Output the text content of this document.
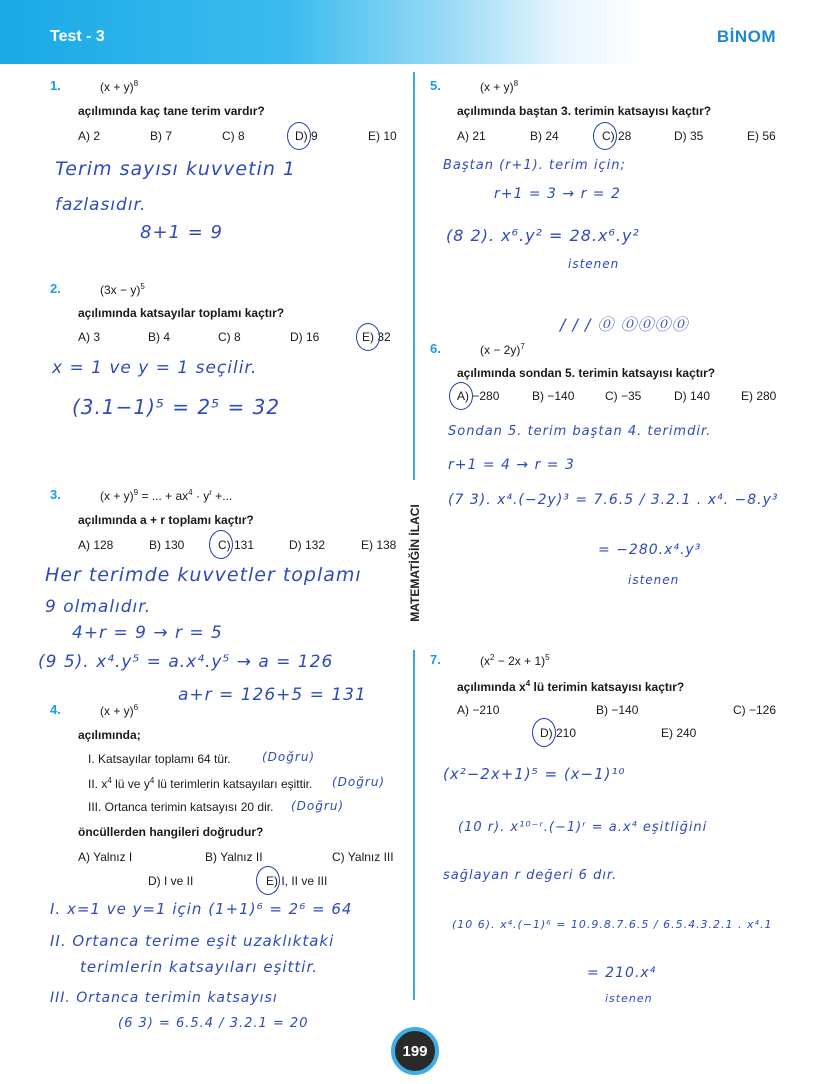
Test - 3	BİNOM
MATEMATİĞİN İLACI
1.	$(x + y)^8$
açılımında kaç tane terim vardır?
A) 2	B) 7	C) 8	D) 9	E) 10
Terim sayısı kuvvetin 1
fazlasıdır.
8+1 = 9
2.	$(3x - y)^5$
açılımında katsayılar toplamı kaçtır?
A) 3	B) 4	C) 8	D) 16	E) 32
x = 1 ve y = 1 seçilir.
(3.1−1)⁵ = 2⁵ = 32
3.	$(x + y)^9$ = ... + $ax^4 \cdot y^r$ +...
açılımında a + r toplamı kaçtır?
A) 128	B) 130	C) 131	D) 132	E) 138
Her terimde kuvvetler toplamı
9 olmalıdır.
4+r = 9 → r = 5
(9 5). x⁴.y⁵ = a.x⁴.y⁵ → a = 126
a+r = 126+5 = 131
4.	$(x + y)^6$
açılımında;
I. Katsayılar toplamı 64 tür.	(Doğru)
II. $x^4$ lü ve $y^4$ lü terimlerin katsayıları eşittir. (Doğru)
III. Ortanca terimin katsayısı 20 dir. (Doğru)
öncüllerden hangileri doğrudur?
A) Yalnız I	B) Yalnız II	C) Yalnız III
D) I ve II	E) I, II ve III
I. x=1 ve y=1 için (1+1)⁶ = 2⁶ = 64
II. Ortanca terime eşit uzaklıktaki
terimlerin katsayıları eşittir.
III. Ortanca terimin katsayısı
(6 3) = 6.5.4 / 3.2.1 = 20
5.	$(x + y)^8$
açılımında baştan 3. terimin katsayısı kaçtır?
A) 21	B) 24	C) 28	D) 35	E) 56
Baştan (r+1). terim için;
r+1 = 3 → r = 2
(8 2). x⁶.y² = 28.x⁶.y²
istenen
/ / / ⓪ ⓪⓪⓪⓪
6.	$(x - 2y)^7$
açılımında sondan 5. terimin katsayısı kaçtır?
A) −280	B) −140	C) −35	D) 140	E) 280
Sondan 5. terim baştan 4. terimdir.
r+1 = 4 → r = 3
(7 3). x⁴.(−2y)³ = 7.6.5 / 3.2.1 . x⁴. −8.y³
= −280.x⁴.y³
istenen
7.	$(x^2 - 2x + 1)^5$
açılımında $x^4$ lü terimin katsayısı kaçtır?
A) −210	B) −140	C) −126
D) 210	E) 240
(x²−2x+1)⁵ = (x−1)¹⁰
(10 r). x¹⁰⁻ʳ.(−1)ʳ = a.x⁴ eşitliğini
sağlayan r değeri 6 dır.
(10 6). x⁴.(−1)⁶ = 10.9.8.7.6.5 / 6.5.4.3.2.1 . x⁴.1
= 210.x⁴
istenen
199
